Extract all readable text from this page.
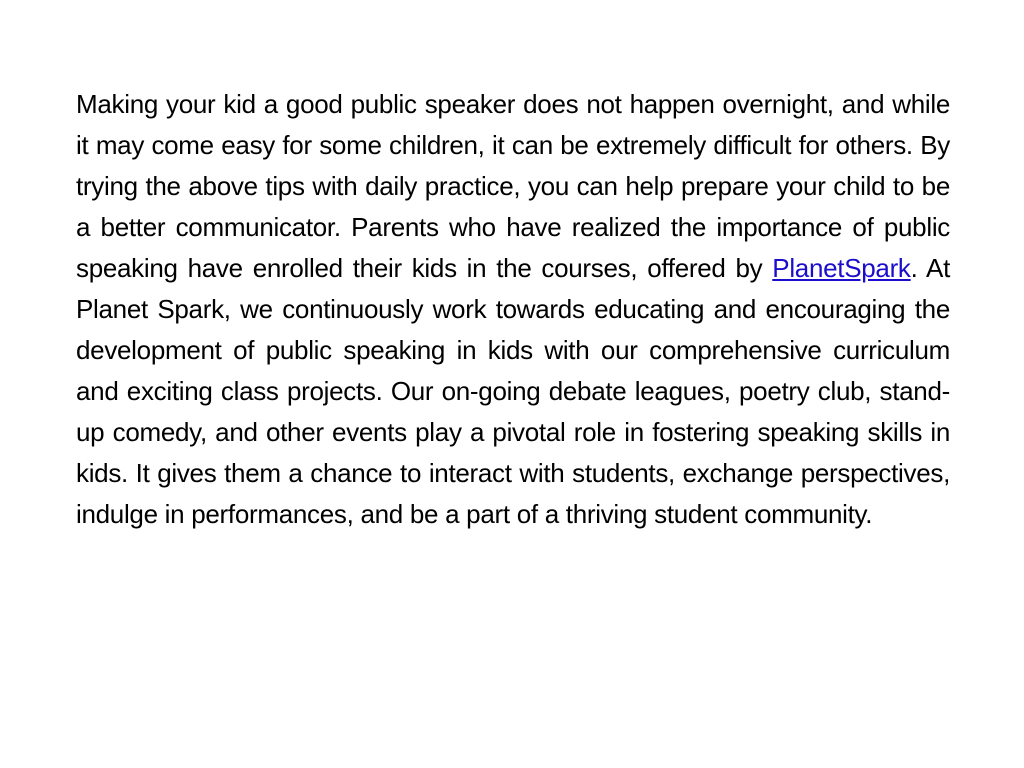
Making your kid a good public speaker does not happen overnight, and while it may come easy for some children, it can be extremely difficult for others. By trying the above tips with daily practice, you can help prepare your child to be a better communicator. Parents who have realized the importance of public speaking have enrolled their kids in the courses, offered by PlanetSpark. At Planet Spark, we continuously work towards educating and encouraging the development of public speaking in kids with our comprehensive curriculum and exciting class projects. Our on-going debate leagues, poetry club, stand-up comedy, and other events play a pivotal role in fostering speaking skills in kids. It gives them a chance to interact with students, exchange perspectives, indulge in performances, and be a part of a thriving student community.
